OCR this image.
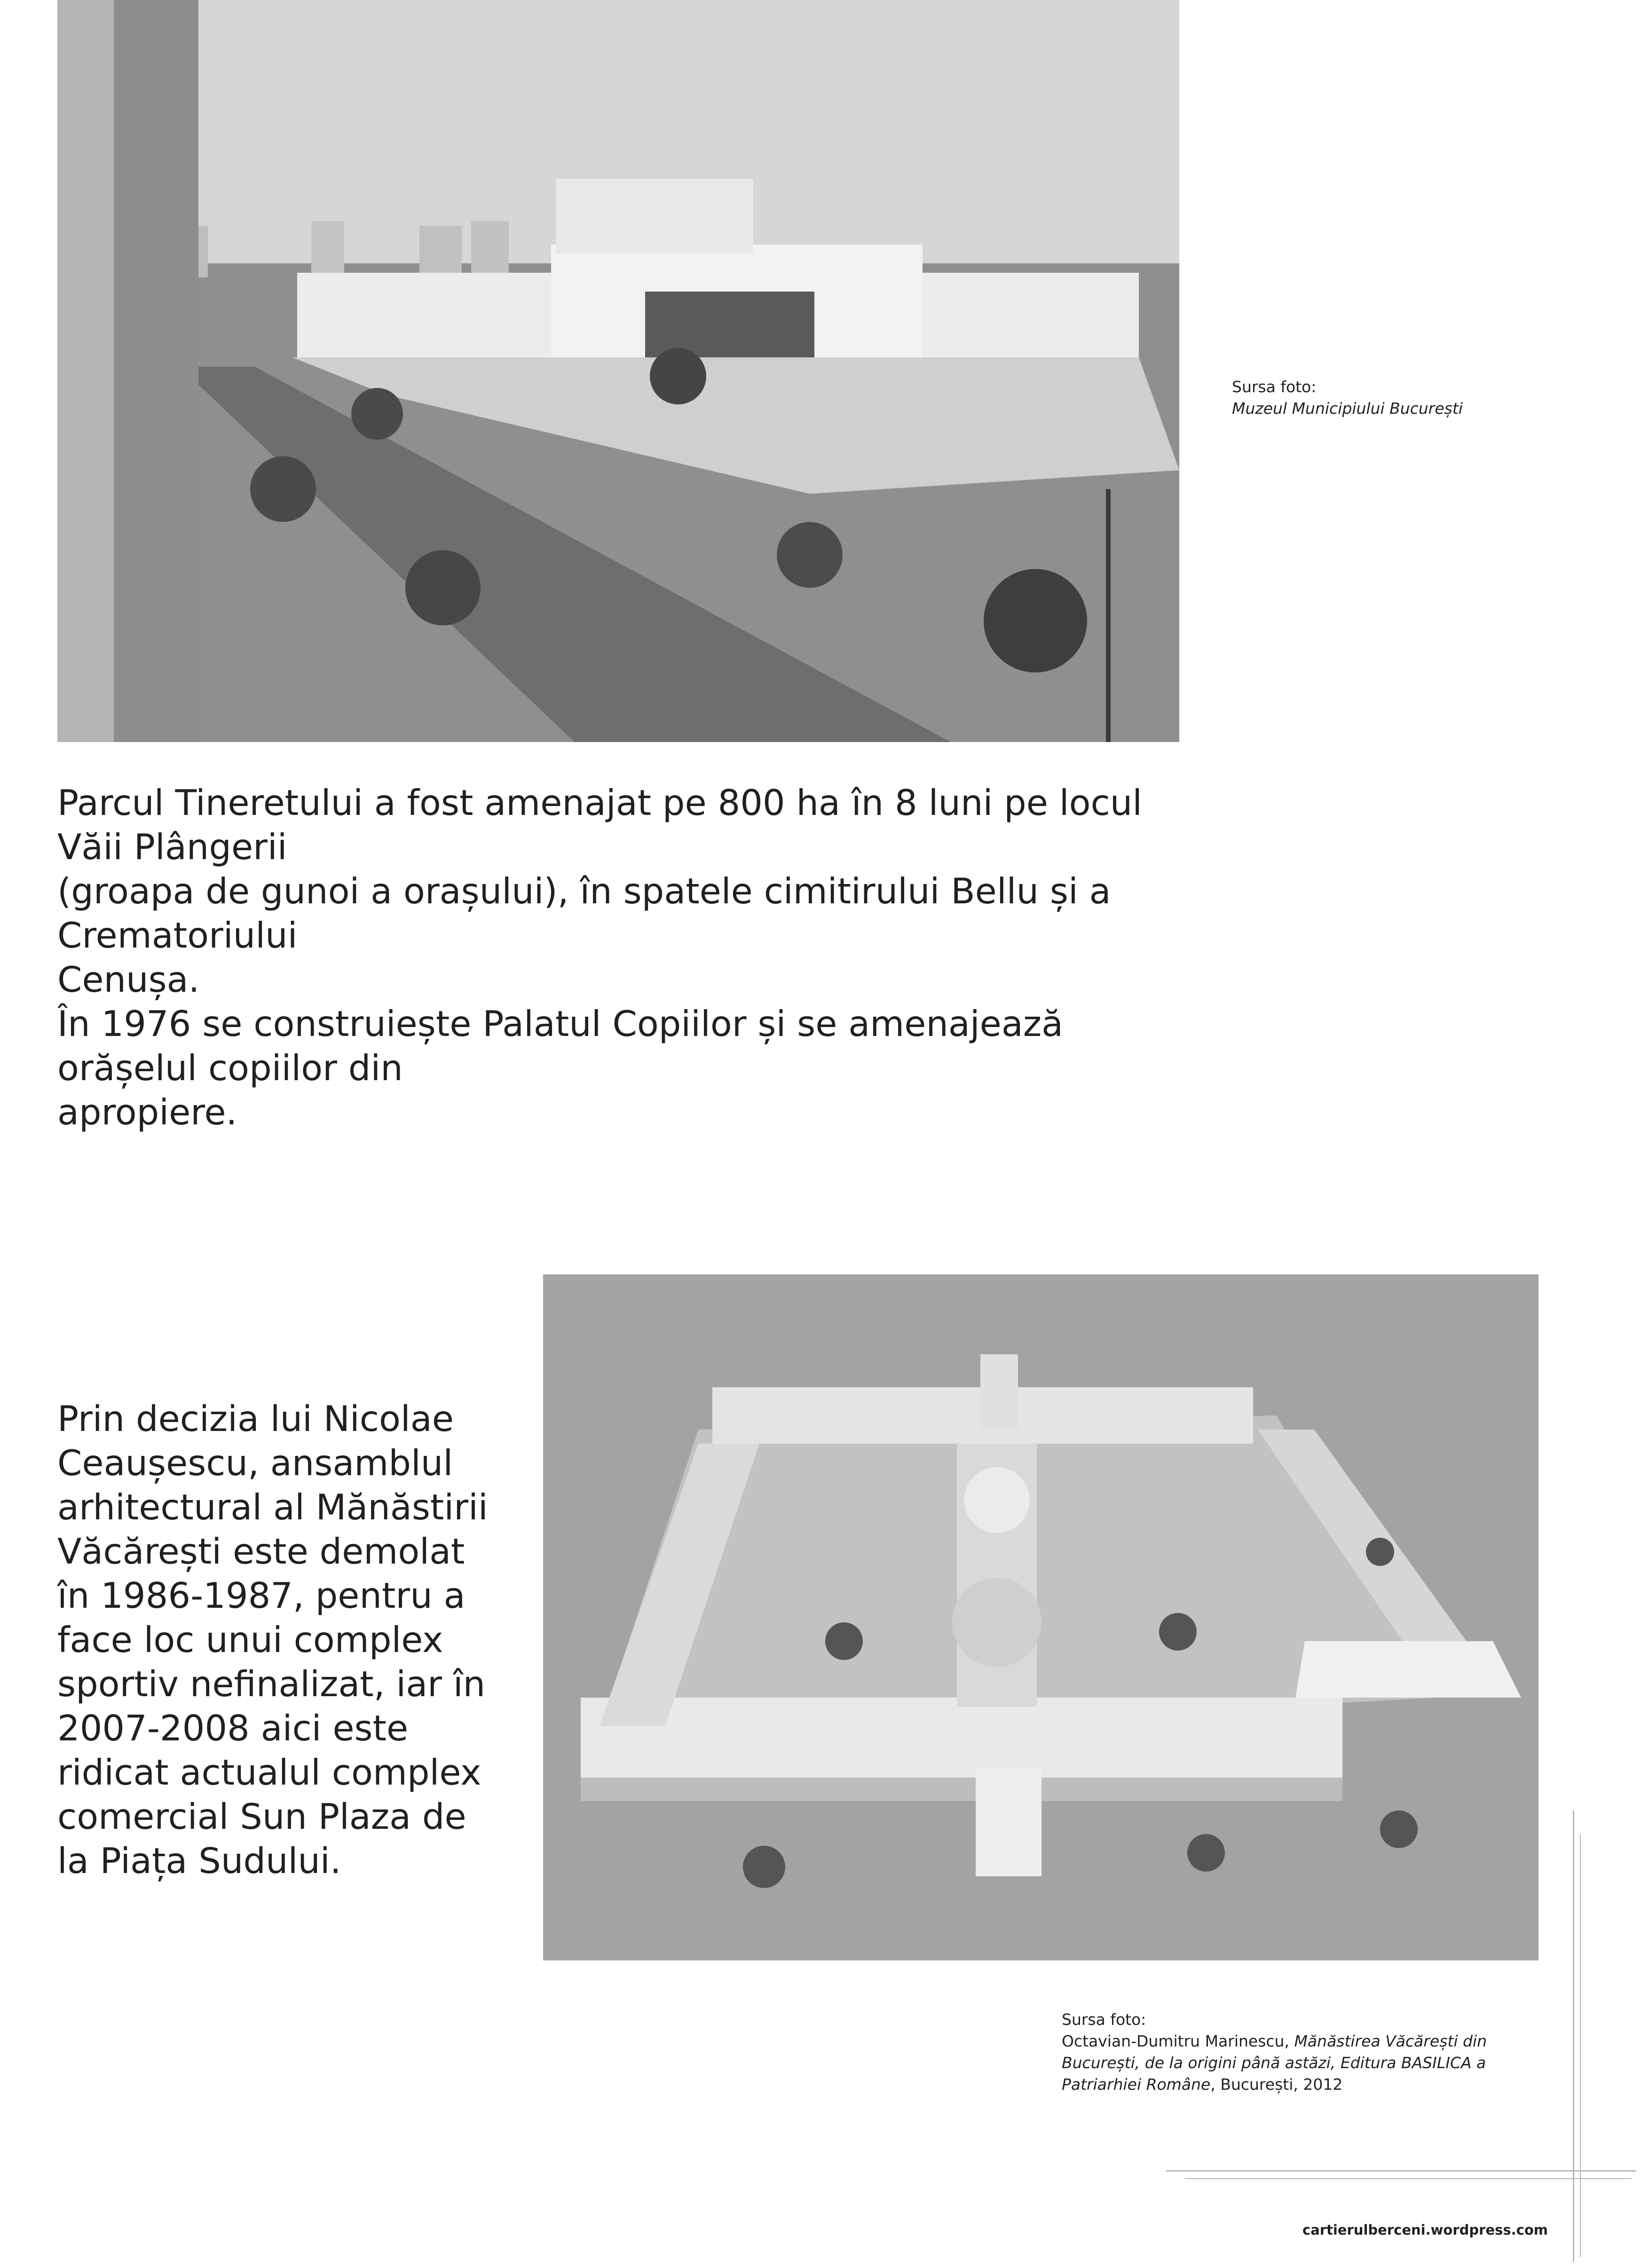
Sursa foto:
Muzeul Municipiului București
Parcul Tineretului a fost amenajat pe 800 ha în 8 luni pe locul Văii Plângerii
(groapa de gunoi a orașului), în spatele cimitirului Bellu și a Crematoriului
Cenușa.
În 1976 se construiește Palatul Copiilor și se amenajează orășelul copiilor din
apropiere.
Prin decizia lui Nicolae Ceaușescu, ansamblul arhitectural al Mănăstirii Văcărești este demolat în 1986-1987, pentru a face loc unui complex sportiv nefinalizat, iar în 2007-2008 aici este ridicat actualul complex comercial Sun Plaza de la Piața Sudului.
Sursa foto:
Octavian-Dumitru Marinescu, Mănăstirea Văcărești din București, de la origini până astăzi, Editura BASILICA a Patriarhiei Române, București, 2012
cartierulberceni.wordpress.com
